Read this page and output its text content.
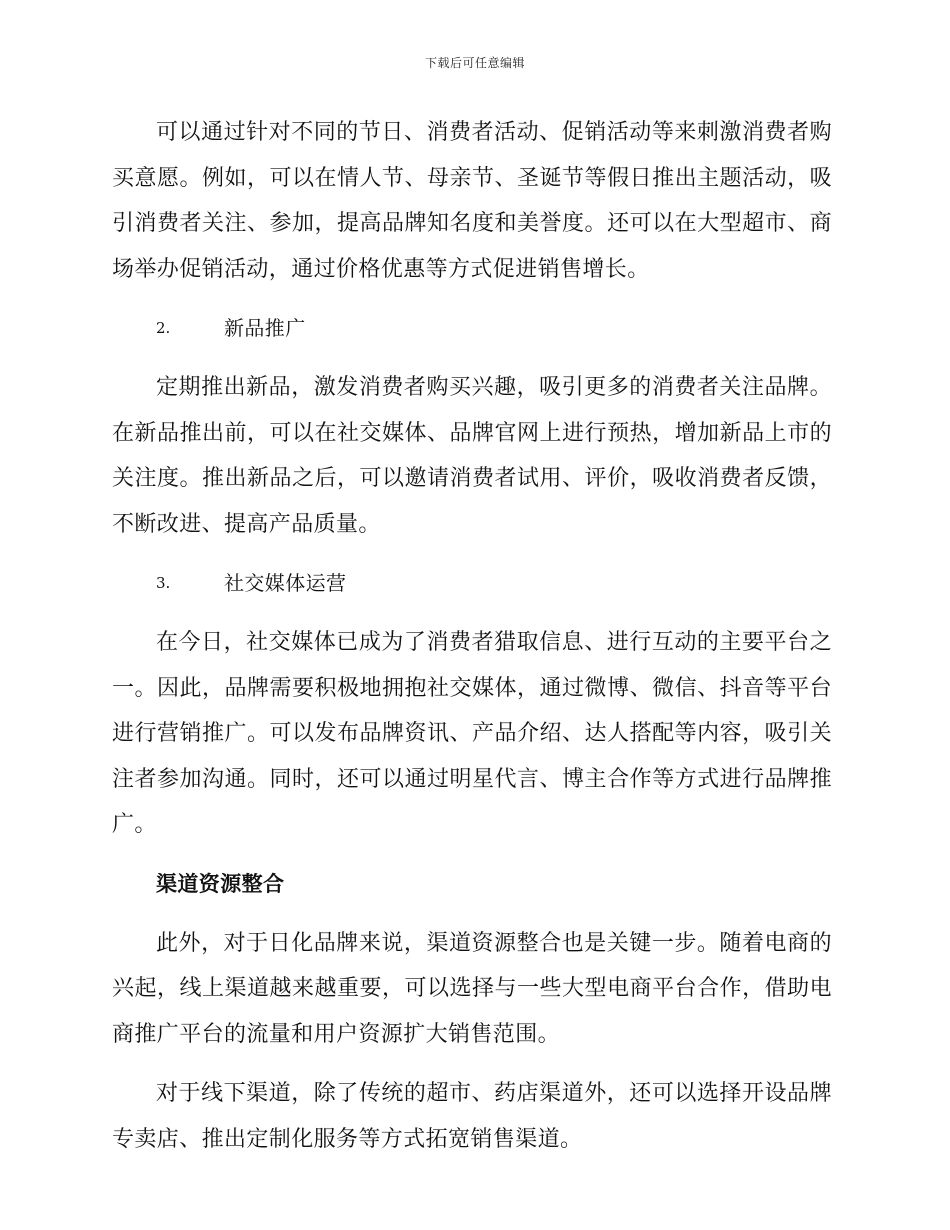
下载后可任意编辑

可以通过针对不同的节日、消费者活动、促销活动等来刺激消费者购买意愿。例如，可以在情人节、母亲节、圣诞节等假日推出主题活动，吸引消费者关注、参加，提高品牌知名度和美誉度。还可以在大型超市、商场举办促销活动，通过价格优惠等方式促进销售增长。

2.	新品推广

定期推出新品，激发消费者购买兴趣，吸引更多的消费者关注品牌。在新品推出前，可以在社交媒体、品牌官网上进行预热，增加新品上市的关注度。推出新品之后，可以邀请消费者试用、评价，吸收消费者反馈，不断改进、提高产品质量。

3.	社交媒体运营

在今日，社交媒体已成为了消费者猎取信息、进行互动的主要平台之一。因此，品牌需要积极地拥抱社交媒体，通过微博、微信、抖音等平台进行营销推广。可以发布品牌资讯、产品介绍、达人搭配等内容，吸引关注者参加沟通。同时，还可以通过明星代言、博主合作等方式进行品牌推广。

渠道资源整合

此外，对于日化品牌来说，渠道资源整合也是关键一步。随着电商的兴起，线上渠道越来越重要，可以选择与一些大型电商平台合作，借助电商推广平台的流量和用户资源扩大销售范围。

对于线下渠道，除了传统的超市、药店渠道外，还可以选择开设品牌专卖店、推出定制化服务等方式拓宽销售渠道。
